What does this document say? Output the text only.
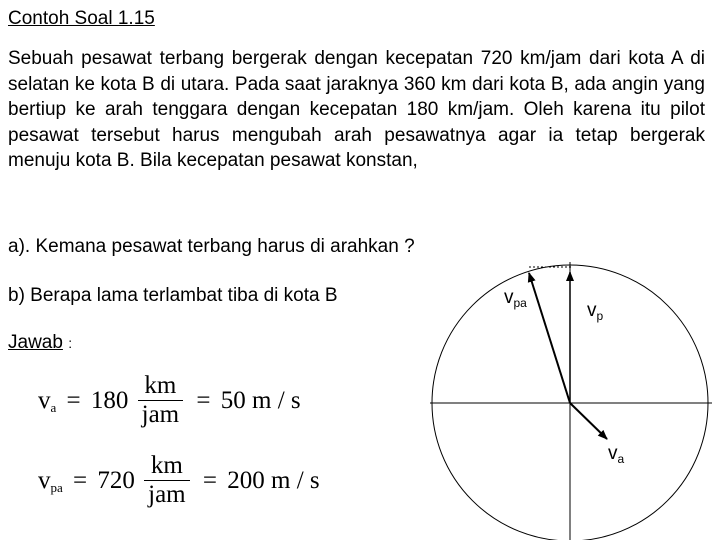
Contoh Soal 1.15
Sebuah pesawat terbang bergerak dengan kecepatan 720 km/jam dari kota A di selatan ke kota B di utara. Pada saat jaraknya 360 km dari kota B, ada angin yang bertiup ke arah tenggara dengan kecepatan 180 km/jam. Oleh karena itu pilot pesawat tersebut harus mengubah arah pesawatnya agar ia tetap bergerak menuju kota B. Bila kecepatan pesawat konstan,
a). Kemana pesawat terbang harus di arahkan ?
b) Berapa lama terlambat tiba di kota B
Jawab :
$v_a = 180 \frac{km}{\text{jam}} = 50$ m / s
$v_{pa} = 720 \frac{km}{\text{jam}} = 200$ m / s
$v_{pa}$	$v_p$
$v_a$
